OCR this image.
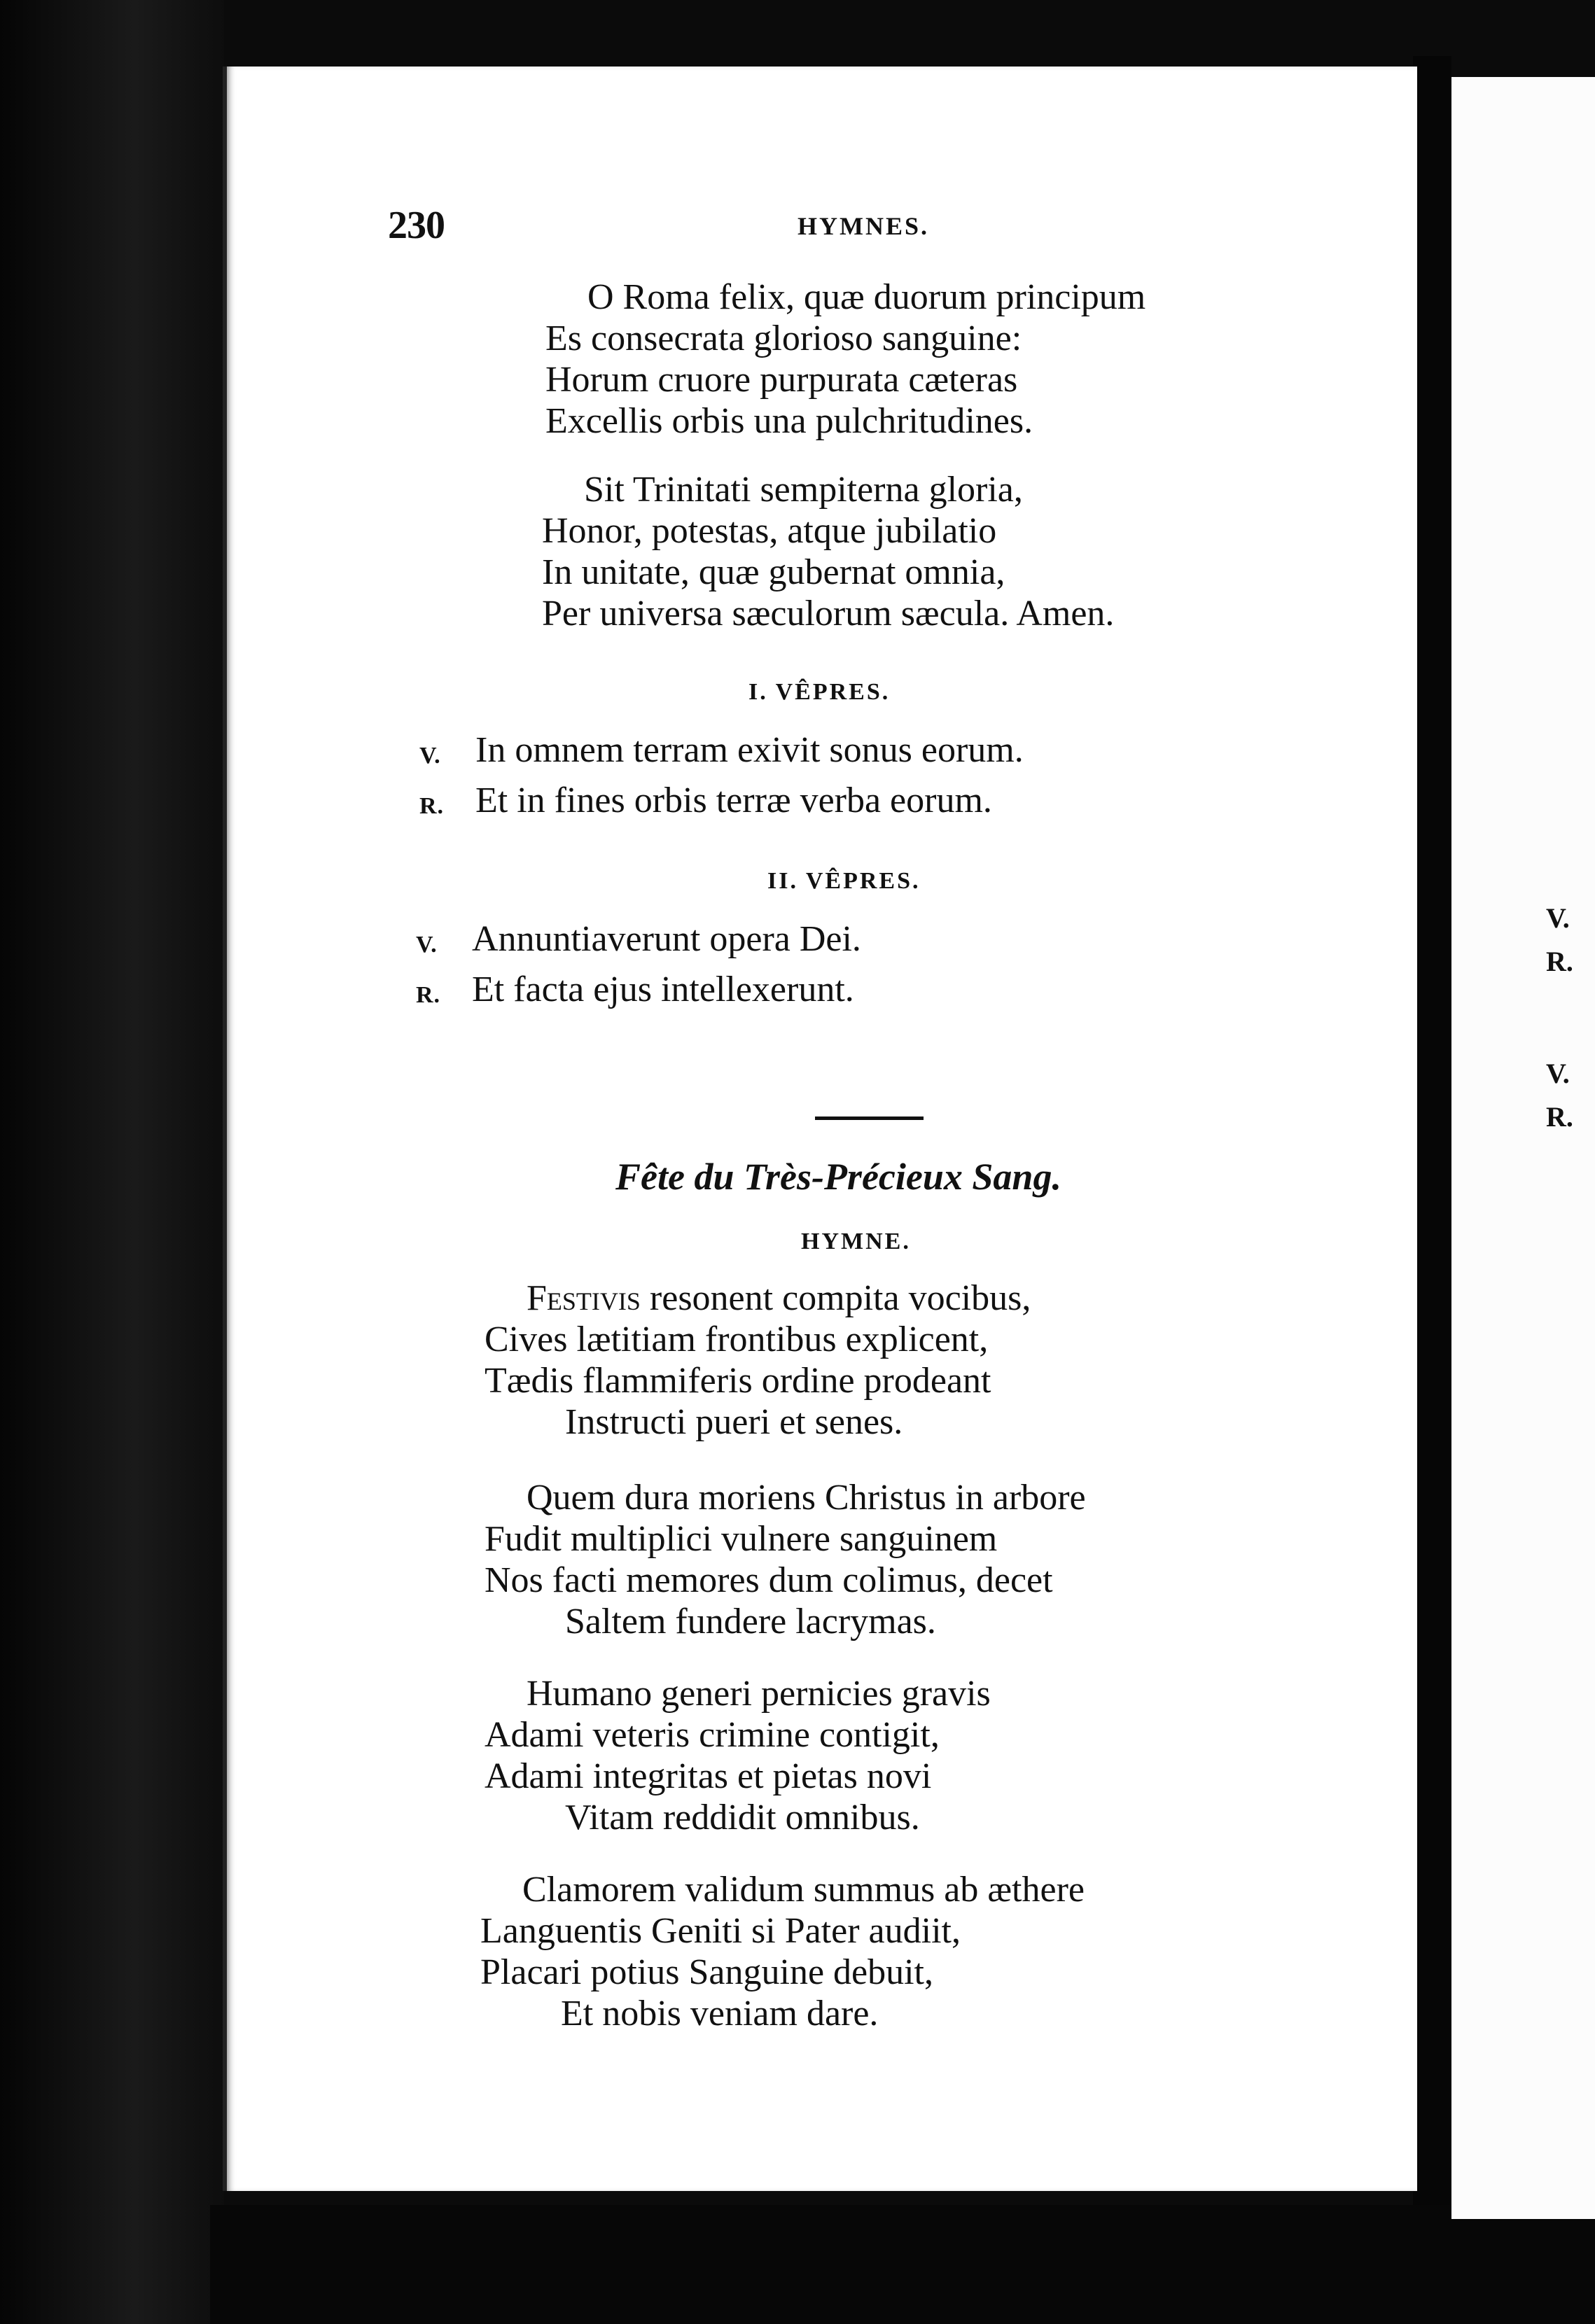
V.
R.
V.
R.
230	HYMNES.
O Roma felix, quæ duorum principum
Es consecrata glorioso sanguine:
Horum cruore purpurata cæteras
Excellis orbis una pulchritudines.
Sit Trinitati sempiterna gloria,
Honor, potestas, atque jubilatio
In unitate, quæ gubernat omnia,
Per universa sæculorum sæcula. Amen.
I. VÊPRES.
V. In omnem terram exivit sonus eorum.
R. Et in fines orbis terræ verba eorum.
II. VÊPRES.
V. Annuntiaverunt opera Dei.
R. Et facta ejus intellexerunt.
Fête du Très-Précieux Sang.
HYMNE.
Festivis resonent compita vocibus,
Cives lætitiam frontibus explicent,
Tædis flammiferis ordine prodeant
Instructi pueri et senes.
Quem dura moriens Christus in arbore
Fudit multiplici vulnere sanguinem
Nos facti memores dum colimus, decet
Saltem fundere lacrymas.
Humano generi pernicies gravis
Adami veteris crimine contigit,
Adami integritas et pietas novi
Vitam reddidit omnibus.
Clamorem validum summus ab æthere
Languentis Geniti si Pater audiit,
Placari potius Sanguine debuit,
Et nobis veniam dare.
